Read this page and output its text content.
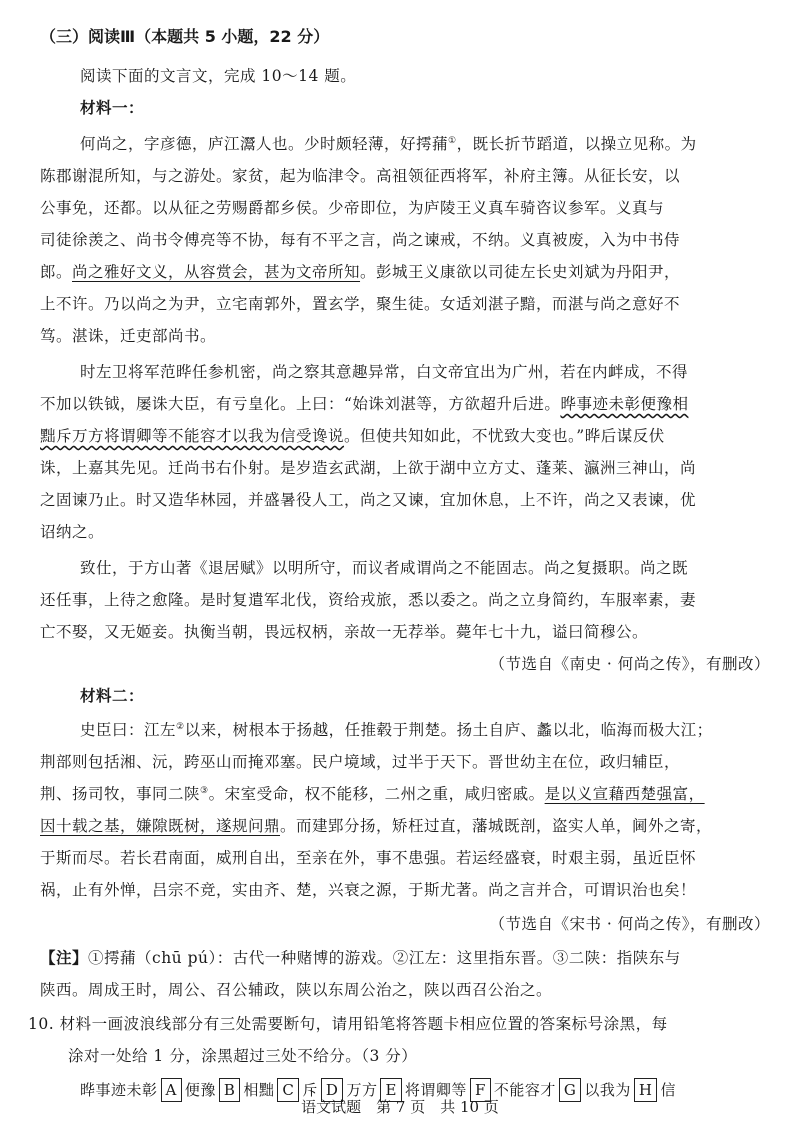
（三）阅读Ⅲ（本题共 5 小题，22 分）
阅读下面的文言文，完成 10～14 题。
材料一：
何尚之，字彦德，庐江灊人也。少时颇轻薄，好摴蒱①，既长折节蹈道，以操立见称。为
陈郡谢混所知，与之游处。家贫，起为临津令。高祖领征西将军，补府主簿。从征长安，以
公事免，还都。以从征之劳赐爵都乡侯。少帝即位，为庐陵王义真车骑咨议参军。义真与
司徒徐羡之、尚书令傅亮等不协，每有不平之言，尚之谏戒，不纳。义真被废，入为中书侍
郎。尚之雅好文义，从容赏会，甚为文帝所知。彭城王义康欲以司徒左长史刘斌为丹阳尹，
上不许。乃以尚之为尹，立宅南郭外，置玄学，聚生徒。女适刘湛子黯，而湛与尚之意好不
笃。湛诛，迁吏部尚书。
时左卫将军范晔任参机密，尚之察其意趣异常，白文帝宜出为广州，若在内衅成，不得
不加以铁钺，屡诛大臣，有亏皇化。上曰：“始诛刘湛等，方欲超升后进。晔事迹未彰便豫相
黜斥万方将谓卿等不能容才以我为信受谗说。但使共知如此，不忧致大变也。”晔后谋反伏
诛，上嘉其先见。迁尚书右仆射。是岁造玄武湖，上欲于湖中立方丈、蓬莱、瀛洲三神山，尚
之固谏乃止。时又造华林园，并盛暑役人工，尚之又谏，宜加休息，上不许，尚之又表谏，优
诏纳之。
致仕，于方山著《退居赋》以明所守，而议者咸谓尚之不能固志。尚之复摄职。尚之既
还任事，上待之愈隆。是时复遣军北伐，资给戎旅，悉以委之。尚之立身简约，车服率素，妻
亡不娶，又无姬妾。执衡当朝，畏远权柄，亲故一无荐举。薨年七十九，谥曰简穆公。
（节选自《南史 · 何尚之传》，有删改）
材料二：
史臣曰：江左②以来，树根本于扬越，任推毂于荆楚。扬土自庐、蠡以北，临海而极大江；
荆部则包括湘、沅，跨巫山而掩邓塞。民户境域，过半于天下。晋世幼主在位，政归辅臣，
荆、扬司牧，事同二陕③。宋室受命，权不能移，二州之重，咸归密戚。是以义宣藉西楚强富，
因十载之基，嫌隙既树，遂规问鼎。而建郢分扬，矫枉过直，藩城既剖，盗实人单，阃外之寄，
于斯而尽。若长君南面，威刑自出，至亲在外，事不患强。若运经盛衰，时艰主弱，虽近臣怀
祸，止有外惮，吕宗不竞，实由齐、楚，兴衰之源，于斯尤著。尚之言并合，可谓识治也矣！
（节选自《宋书 · 何尚之传》，有删改）
【注】①摴蒱（chū pú）：古代一种赌博的游戏。②江左：这里指东晋。③二陕：指陕东与
陕西。周成王时，周公、召公辅政，陕以东周公治之，陕以西召公治之。
10. 材料一画波浪线部分有三处需要断句，请用铅笔将答题卡相应位置的答案标号涂黑，每
涂对一处给 1 分，涂黑超过三处不给分。（3 分）
晔事迹未彰 A 便豫 B 相黜 C 斥 D 万方 E 将谓卿等 F 不能容才 G 以我为 H 信
语文试题　第 7 页　共 10 页
